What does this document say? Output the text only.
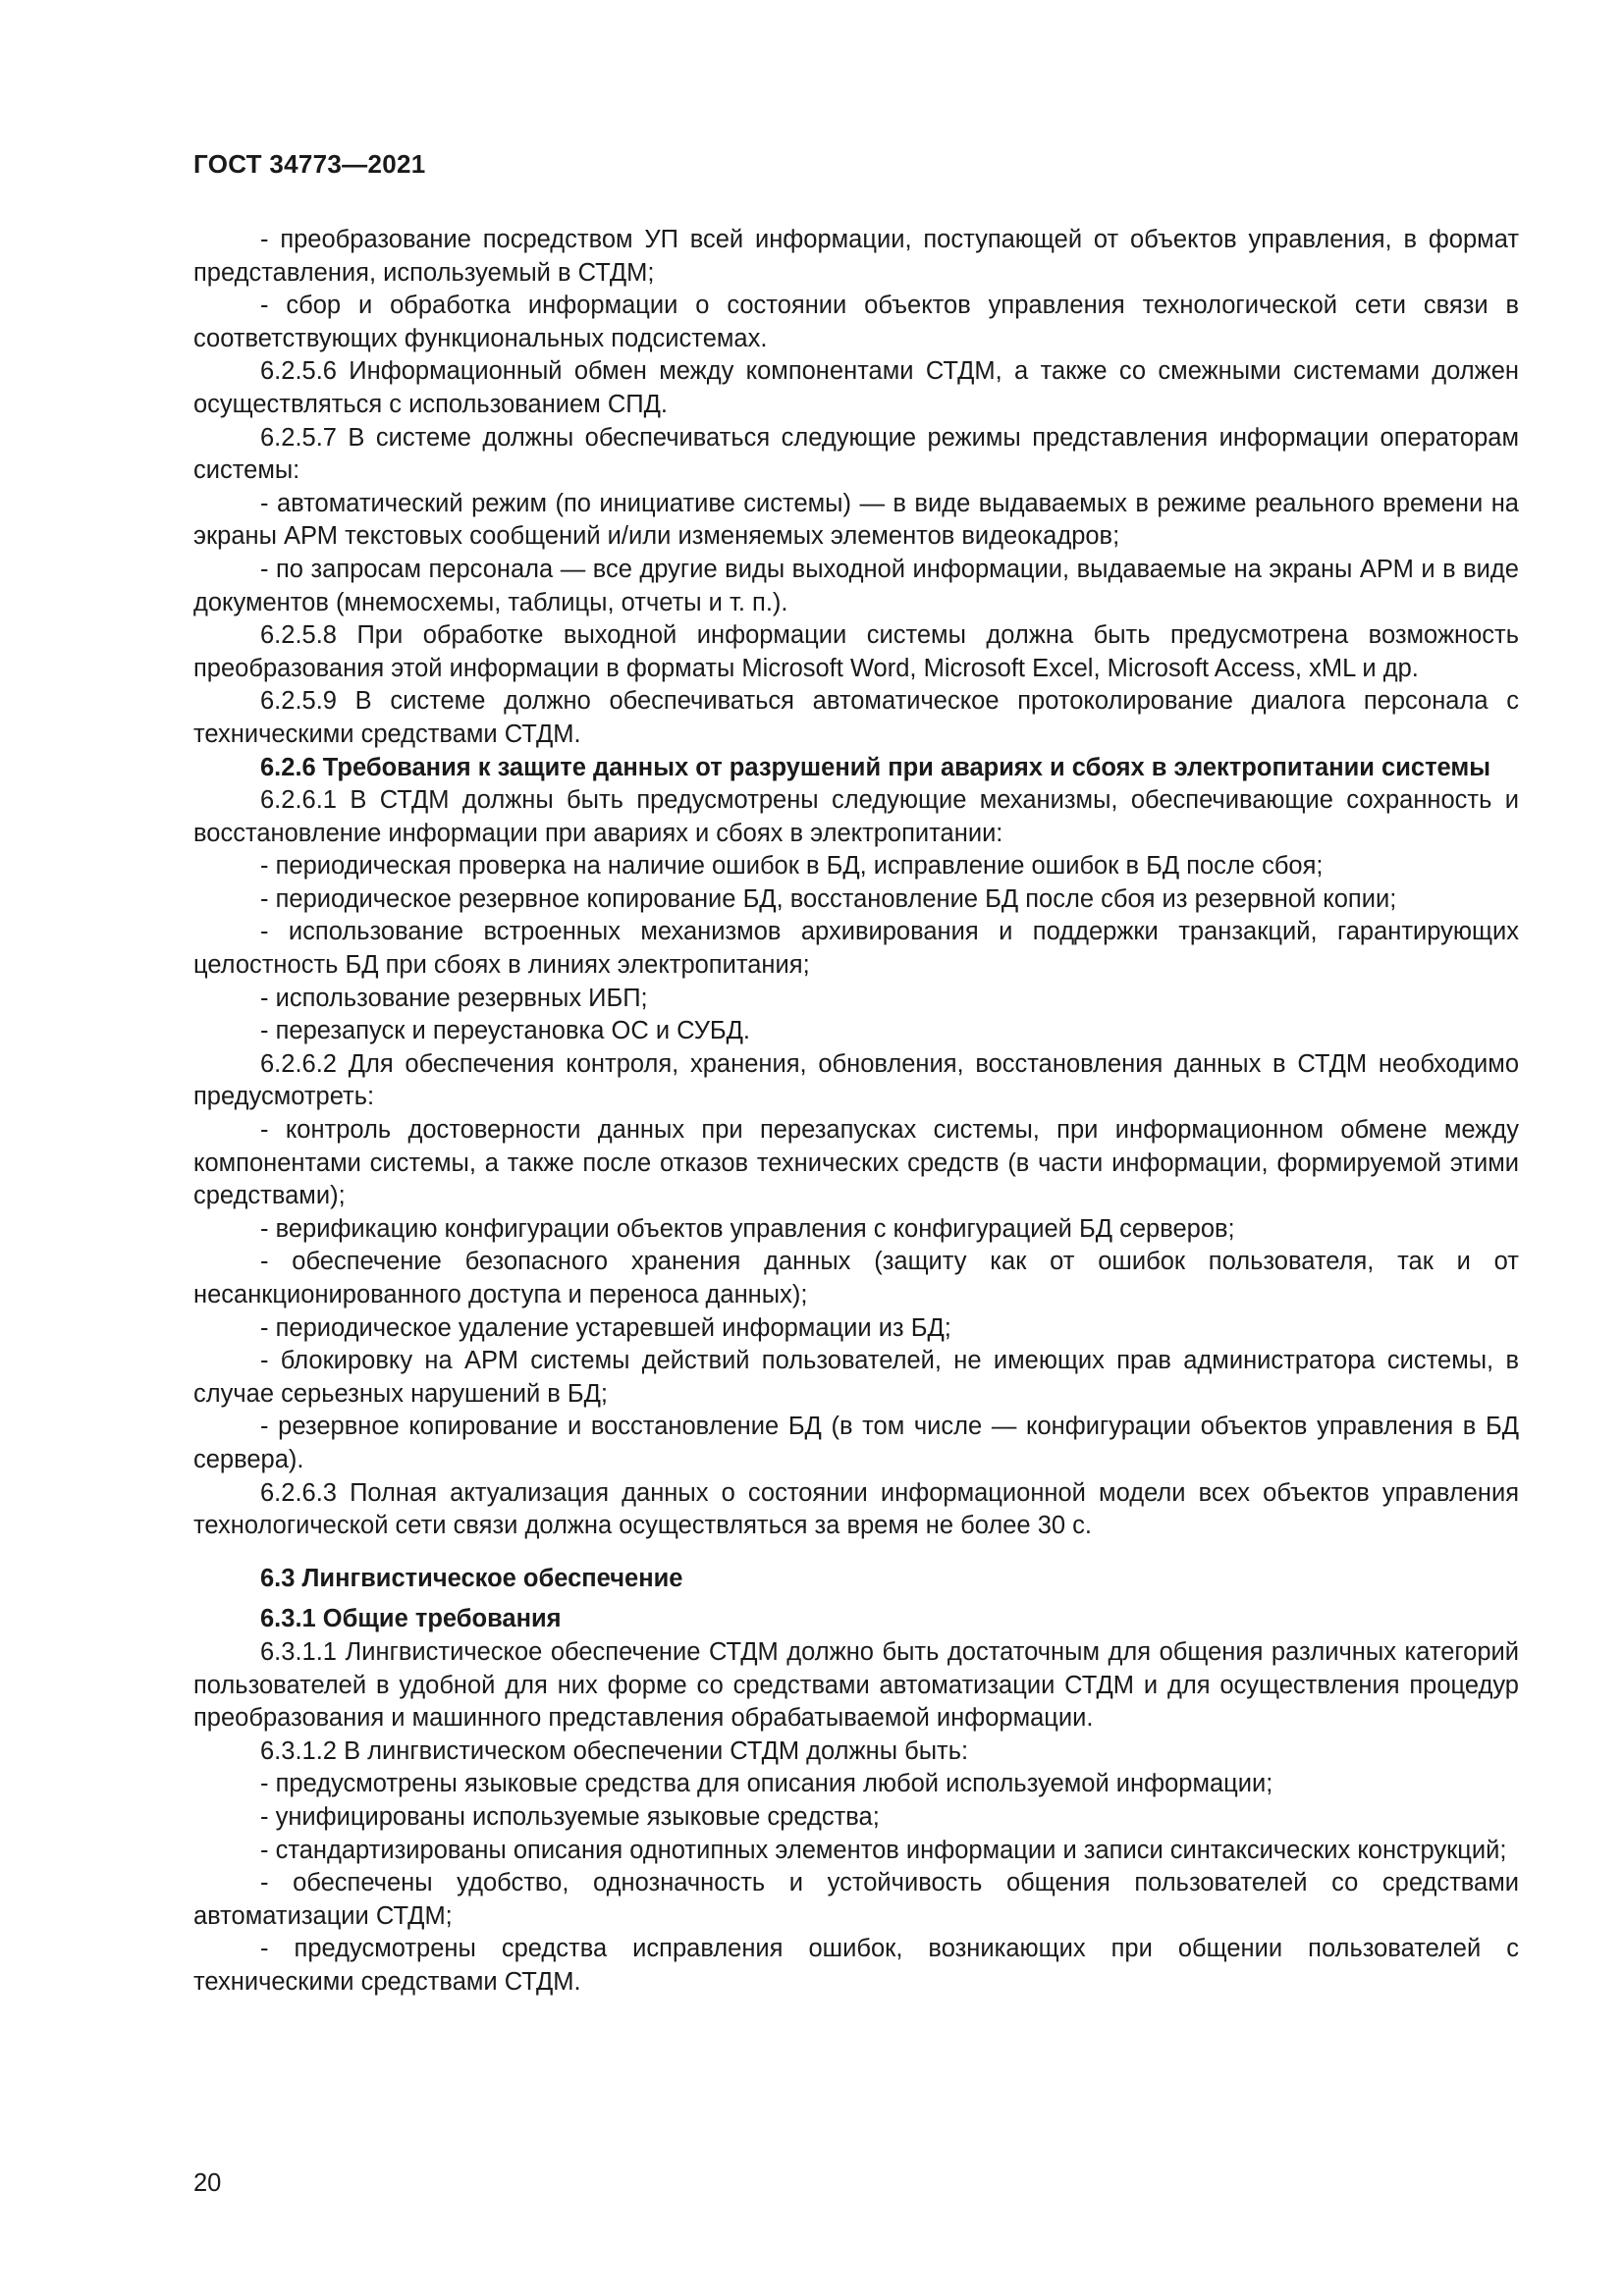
ГОСТ 34773—2021

- преобразование посредством УП всей информации, поступающей от объектов управления, в формат представления, используемый в СТДМ;

- сбор и обработка информации о состоянии объектов управления технологической сети связи в соответствующих функциональных подсистемах.

6.2.5.6 Информационный обмен между компонентами СТДМ, а также со смежными системами должен осуществляться с использованием СПД.

6.2.5.7 В системе должны обеспечиваться следующие режимы представления информации операторам системы:

- автоматический режим (по инициативе системы) — в виде выдаваемых в режиме реального времени на экраны АРМ текстовых сообщений и/или изменяемых элементов видеокадров;

- по запросам персонала — все другие виды выходной информации, выдаваемые на экраны АРМ и в виде документов (мнемосхемы, таблицы, отчеты и т. п.).

6.2.5.8 При обработке выходной информации системы должна быть предусмотрена возможность преобразования этой информации в форматы Microsoft Word, Microsoft Excel, Microsoft Access, xML и др.

6.2.5.9 В системе должно обеспечиваться автоматическое протоколирование диалога персонала с техническими средствами СТДМ.

6.2.6 Требования к защите данных от разрушений при авариях и сбоях в электропитании системы

6.2.6.1 В СТДМ должны быть предусмотрены следующие механизмы, обеспечивающие сохранность и восстановление информации при авариях и сбоях в электропитании:

- периодическая проверка на наличие ошибок в БД, исправление ошибок в БД после сбоя;

- периодическое резервное копирование БД, восстановление БД после сбоя из резервной копии;

- использование встроенных механизмов архивирования и поддержки транзакций, гарантирующих целостность БД при сбоях в линиях электропитания;

- использование резервных ИБП;

- перезапуск и переустановка ОС и СУБД.

6.2.6.2 Для обеспечения контроля, хранения, обновления, восстановления данных в СТДМ необходимо предусмотреть:

- контроль достоверности данных при перезапусках системы, при информационном обмене между компонентами системы, а также после отказов технических средств (в части информации, формируемой этими средствами);

- верификацию конфигурации объектов управления с конфигурацией БД серверов;

- обеспечение безопасного хранения данных (защиту как от ошибок пользователя, так и от несанкционированного доступа и переноса данных);

- периодическое удаление устаревшей информации из БД;

- блокировку на АРМ системы действий пользователей, не имеющих прав администратора системы, в случае серьезных нарушений в БД;

- резервное копирование и восстановление БД (в том числе — конфигурации объектов управления в БД сервера).

6.2.6.3 Полная актуализация данных о состоянии информационной модели всех объектов управления технологической сети связи должна осуществляться за время не более 30 с.

6.3 Лингвистическое обеспечение

6.3.1 Общие требования

6.3.1.1 Лингвистическое обеспечение СТДМ должно быть достаточным для общения различных категорий пользователей в удобной для них форме со средствами автоматизации СТДМ и для осуществления процедур преобразования и машинного представления обрабатываемой информации.

6.3.1.2 В лингвистическом обеспечении СТДМ должны быть:

- предусмотрены языковые средства для описания любой используемой информации;

- унифицированы используемые языковые средства;

- стандартизированы описания однотипных элементов информации и записи синтаксических конструкций;

- обеспечены удобство, однозначность и устойчивость общения пользователей со средствами автоматизации СТДМ;

- предусмотрены средства исправления ошибок, возникающих при общении пользователей с техническими средствами СТДМ.

20
